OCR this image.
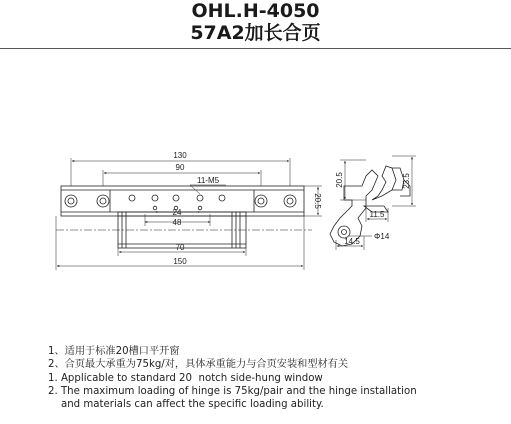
OHL.H-4050
57A2加长合页
130
90
11-M5
24
48
70
150
20.5
20.5	23.5
11.5
14.5
Φ14
1、适用于标准20槽口平开窗
2、合页最大承重为75kg/对，具体承重能力与合页安装和型材有关
1. Applicable to standard 20  notch side-hung window
2. The maximum loading of hinge is 75kg/pair and the hinge installation
and materials can affect the specific loading ability.
